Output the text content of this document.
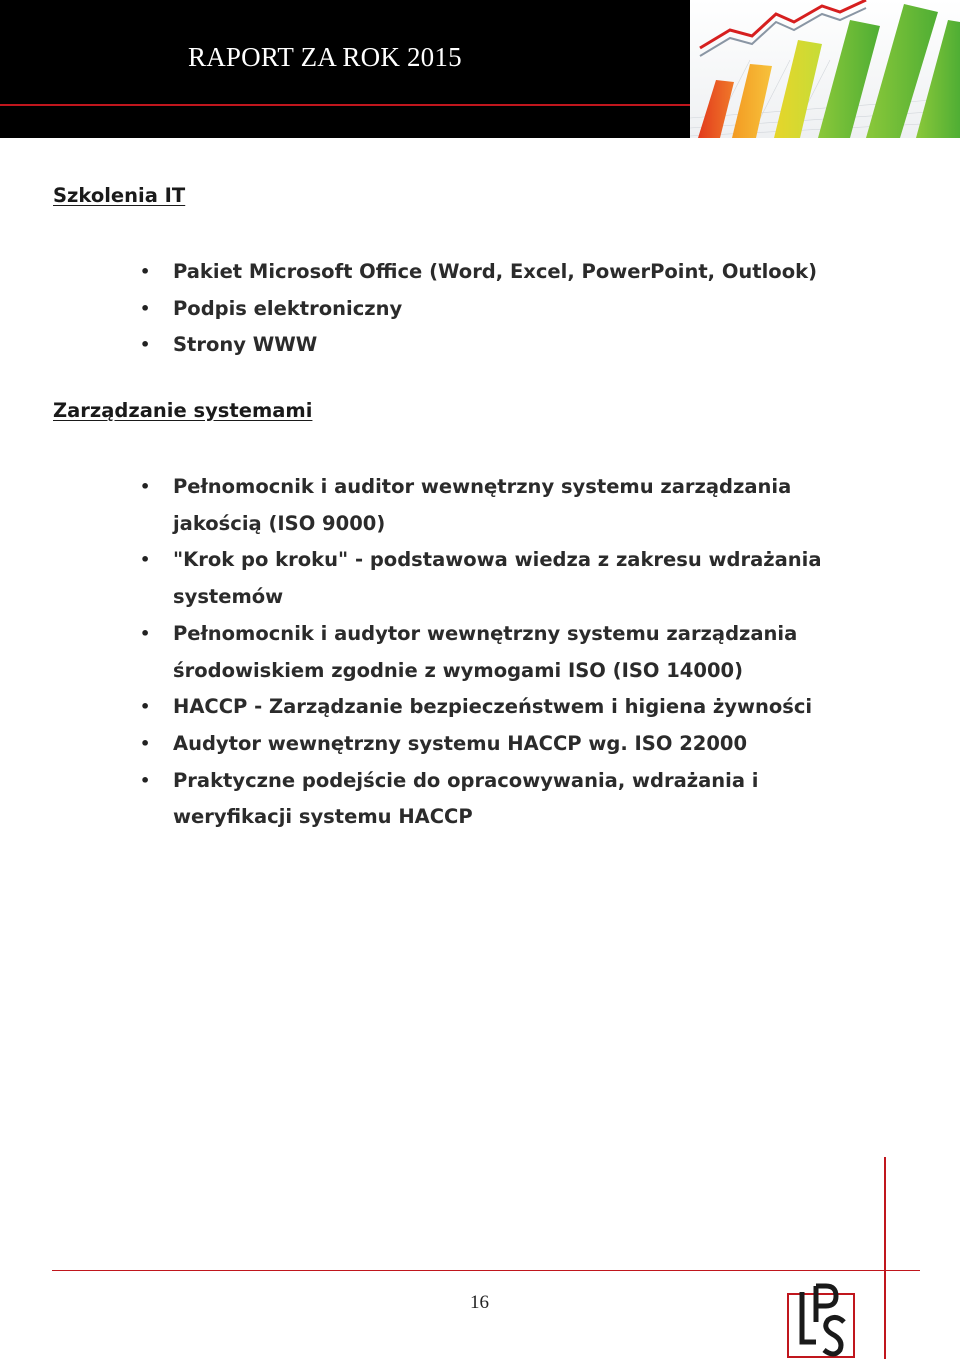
RAPORT ZA ROK 2015
Szkolenia IT
• Pakiet Microsoft Office (Word, Excel, PowerPoint, Outlook)
• Podpis elektroniczny
• Strony WWW
Zarządzanie systemami
• Pełnomocnik i auditor wewnętrzny systemu zarządzania jakością (ISO 9000)
• "Krok po kroku" - podstawowa wiedza z zakresu wdrażania systemów
• Pełnomocnik i audytor wewnętrzny systemu zarządzania środowiskiem zgodnie z wymogami ISO (ISO 14000)
• HACCP - Zarządzanie bezpieczeństwem i higiena żywności
• Audytor wewnętrzny systemu HACCP wg. ISO 22000
• Praktyczne podejście do opracowywania, wdrażania i weryfikacji systemu HACCP
16
